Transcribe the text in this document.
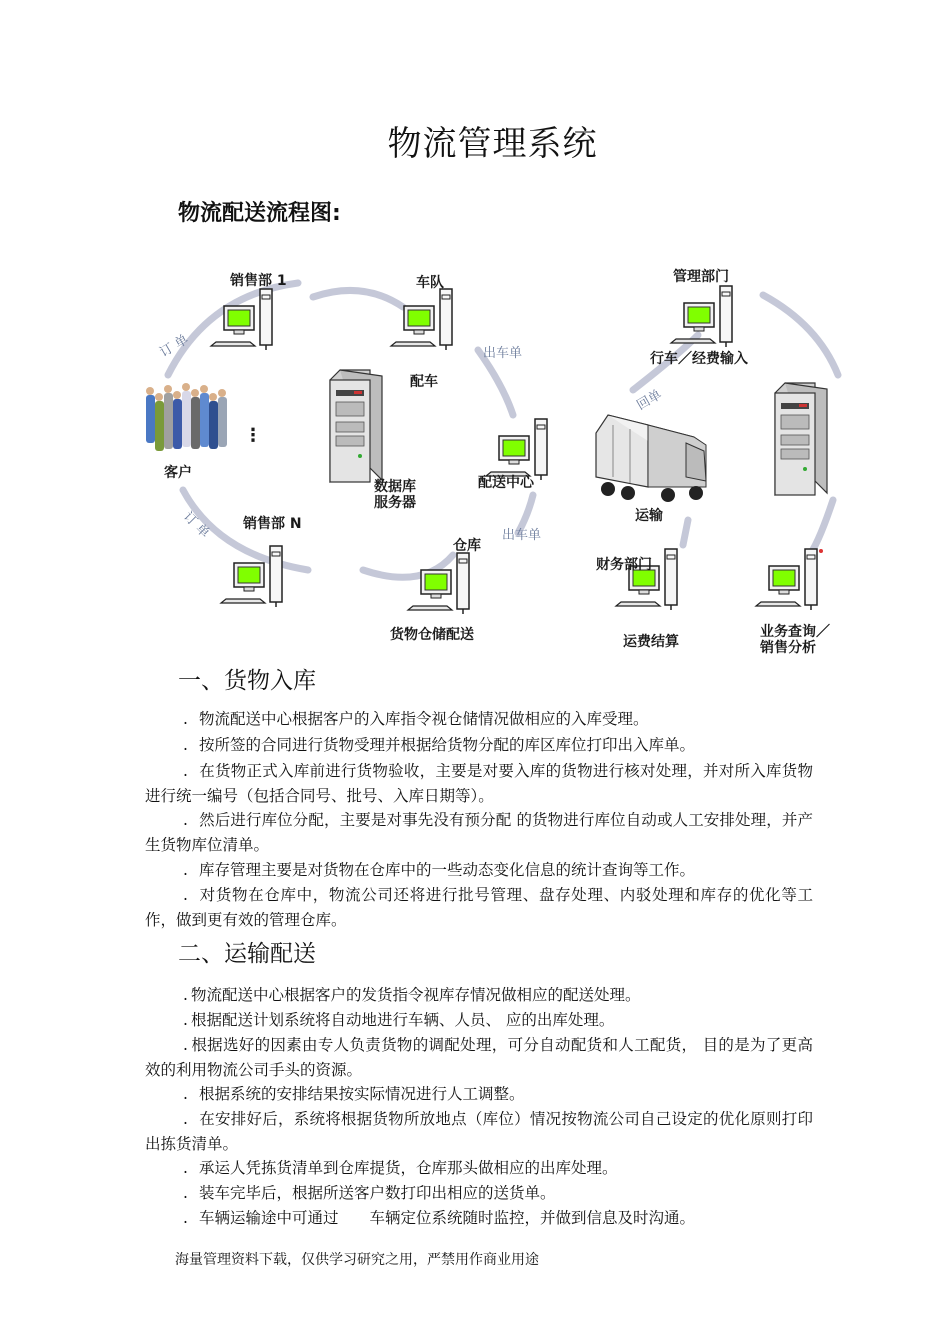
物流管理系统
物流配送流程图:
销售部 1	车队	管理部门
订 单	出车单
配车
行车／经费输入
回单
⋮
客户
数据库
服务器
配送中心
运输
订 单 销售部 N
仓库
出车单
财务部门
货物仓储配送	运费结算
业务查询／
销售分析
一、货物入库
. 物流配送中心根据客户的入库指令视仓储情况做相应的入库受理。
. 按所签的合同进行货物受理并根据给货物分配的库区库位打印出入库单。
. 在货物正式入库前进行货物验收，主要是对要入库的货物进行核对处理，并对所入库货物进行统一编号（包括合同号、批号、入库日期等）。
. 然后进行库位分配，主要是对事先没有预分配 的货物进行库位自动或人工安排处理，并产生货物库位清单。
. 库存管理主要是对货物在仓库中的一些动态变化信息的统计查询等工作。
. 对货物在仓库中，物流公司还将进行批号管理、盘存处理、内驳处理和库存的优化等工作，做到更有效的管理仓库。
二、运输配送
. 物流配送中心根据客户的发货指令视库存情况做相应的配送处理。
. 根据配送计划系统将自动地进行车辆、人员、 应的出库处理。
. 根据选好的因素由专人负责货物的调配处理，可分自动配货和人工配货， 目的是为了更高效的利用物流公司手头的资源。
. 根据系统的安排结果按实际情况进行人工调整。
. 在安排好后，系统将根据货物所放地点（库位）情况按物流公司自己设定的优化原则打印出拣货清单。
. 承运人凭拣货清单到仓库提货，仓库那头做相应的出库处理。
. 装车完毕后，根据所送客户数打印出相应的送货单。
. 车辆运输途中可通过　　车辆定位系统随时监控，并做到信息及时沟通。
海量管理资料下载，仅供学习研究之用，严禁用作商业用途
